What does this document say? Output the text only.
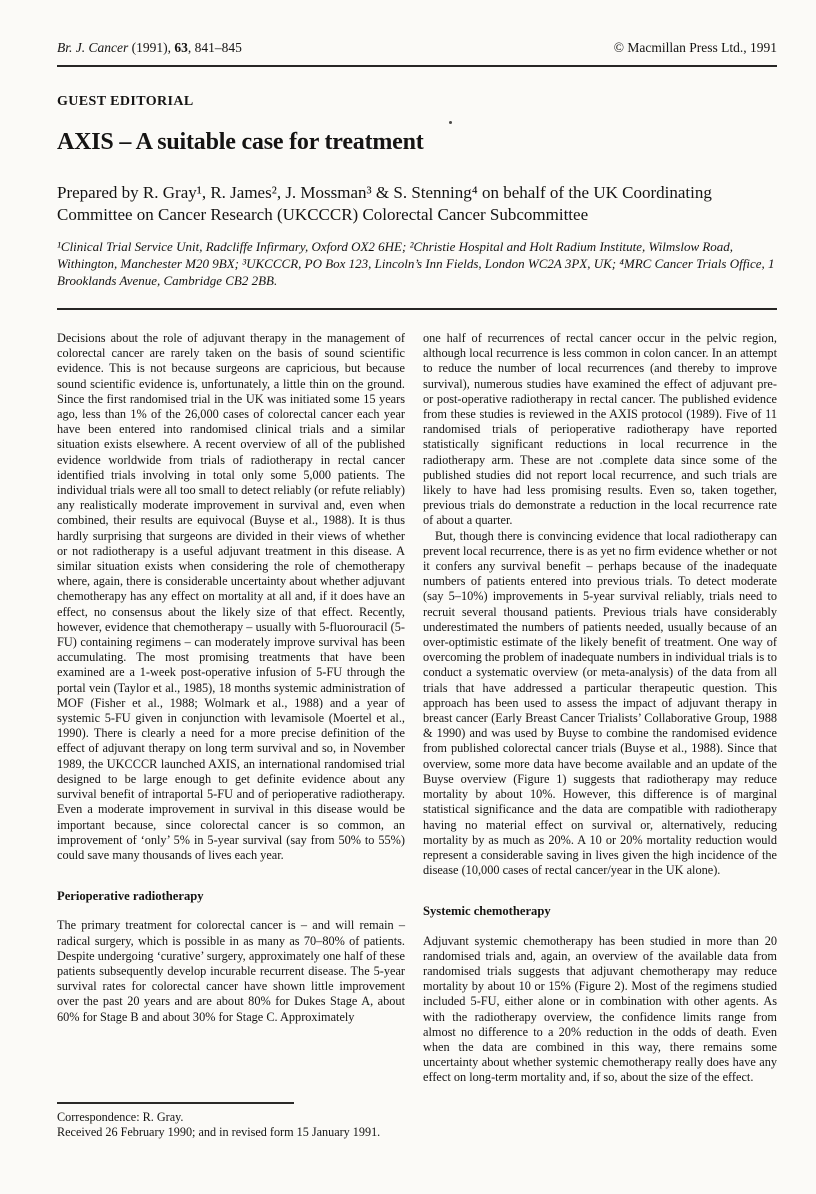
Br. J. Cancer (1991), 63, 841–845	© Macmillan Press Ltd., 1991
GUEST EDITORIAL
AXIS – A suitable case for treatment
Prepared by R. Gray¹, R. James², J. Mossman³ & S. Stenning⁴ on behalf of the UK Coordinating Committee on Cancer Research (UKCCCR) Colorectal Cancer Subcommittee
¹Clinical Trial Service Unit, Radcliffe Infirmary, Oxford OX2 6HE; ²Christie Hospital and Holt Radium Institute, Wilmslow Road, Withington, Manchester M20 9BX; ³UKCCCR, PO Box 123, Lincoln’s Inn Fields, London WC2A 3PX, UK; ⁴MRC Cancer Trials Office, 1 Brooklands Avenue, Cambridge CB2 2BB.

Decisions about the role of adjuvant therapy in the management of colorectal cancer are rarely taken on the basis of sound scientific evidence. This is not because surgeons are capricious, but because sound scientific evidence is, unfortunately, a little thin on the ground. Since the first randomised trial in the UK was initiated some 15 years ago, less than 1% of the 26,000 cases of colorectal cancer each year have been entered into randomised clinical trials and a similar situation exists elsewhere. A recent overview of all of the published evidence worldwide from trials of radiotherapy in rectal cancer identified trials involving in total only some 5,000 patients. The individual trials were all too small to detect reliably (or refute reliably) any realistically moderate improvement in survival and, even when combined, their results are equivocal (Buyse et al., 1988). It is thus hardly surprising that surgeons are divided in their views of whether or not radiotherapy is a useful adjuvant treatment in this disease. A similar situation exists when considering the role of chemotherapy where, again, there is considerable uncertainty about whether adjuvant chemotherapy has any effect on mortality at all and, if it does have an effect, no consensus about the likely size of that effect. Recently, however, evidence that chemotherapy – usually with 5-fluorouracil (5-FU) containing regimens – can moderately improve survival has been accumulating. The most promising treatments that have been examined are a 1-week post-operative infusion of 5-FU through the portal vein (Taylor et al., 1985), 18 months systemic administration of MOF (Fisher et al., 1988; Wolmark et al., 1988) and a year of systemic 5-FU given in conjunction with levamisole (Moertel et al., 1990). There is clearly a need for a more precise definition of the effect of adjuvant therapy on long term survival and so, in November 1989, the UKCCCR launched AXIS, an international randomised trial designed to be large enough to get definite evidence about any survival benefit of intraportal 5-FU and of perioperative radiotherapy. Even a moderate improvement in survival in this disease would be important because, since colorectal cancer is so common, an improvement of ‘only’ 5% in 5-year survival (say from 50% to 55%) could save many thousands of lives each year.

Perioperative radiotherapy

The primary treatment for colorectal cancer is – and will remain – radical surgery, which is possible in as many as 70–80% of patients. Despite undergoing ‘curative’ surgery, approximately one half of these patients subsequently develop incurable recurrent disease. The 5-year survival rates for colorectal cancer have shown little improvement over the past 20 years and are about 80% for Dukes Stage A, about 60% for Stage B and about 30% for Stage C. Approximately

one half of recurrences of rectal cancer occur in the pelvic region, although local recurrence is less common in colon cancer. In an attempt to reduce the number of local recurrences (and thereby to improve survival), numerous studies have examined the effect of adjuvant pre- or post-operative radiotherapy in rectal cancer. The published evidence from these studies is reviewed in the AXIS protocol (1989). Five of 11 randomised trials of perioperative radiotherapy have reported statistically significant reductions in local recurrence in the radiotherapy arm. These are not .complete data since some of the published studies did not report local recurrence, and such trials are likely to have had less promising results. Even so, taken together, previous trials do demonstrate a reduction in the local recurrence rate of about a quarter.

But, though there is convincing evidence that local radiotherapy can prevent local recurrence, there is as yet no firm evidence whether or not it confers any survival benefit – perhaps because of the inadequate numbers of patients entered into previous trials. To detect moderate (say 5–10%) improvements in 5-year survival reliably, trials need to recruit several thousand patients. Previous trials have considerably underestimated the numbers of patients needed, usually because of an over-optimistic estimate of the likely benefit of treatment. One way of overcoming the problem of inadequate numbers in individual trials is to conduct a systematic overview (or meta-analysis) of the data from all trials that have addressed a particular therapeutic question. This approach has been used to assess the impact of adjuvant therapy in breast cancer (Early Breast Cancer Trialists’ Collaborative Group, 1988 & 1990) and was used by Buyse to combine the randomised evidence from published colorectal cancer trials (Buyse et al., 1988). Since that overview, some more data have become available and an update of the Buyse overview (Figure 1) suggests that radiotherapy may reduce mortality by about 10%. However, this difference is of marginal statistical significance and the data are compatible with radiotherapy having no material effect on survival or, alternatively, reducing mortality by as much as 20%. A 10 or 20% mortality reduction would represent a considerable saving in lives given the high incidence of the disease (10,000 cases of rectal cancer/year in the UK alone).

Systemic chemotherapy

Adjuvant systemic chemotherapy has been studied in more than 20 randomised trials and, again, an overview of the available data from randomised trials suggests that adjuvant chemotherapy may reduce mortality by about 10 or 15% (Figure 2). Most of the regimens studied included 5-FU, either alone or in combination with other agents. As with the radiotherapy overview, the confidence limits range from almost no difference to a 20% reduction in the odds of death. Even when the data are combined in this way, there remains some uncertainty about whether systemic chemotherapy really does have any effect on long-term mortality and, if so, about the size of the effect.

Correspondence: R. Gray.
Received 26 February 1990; and in revised form 15 January 1991.
